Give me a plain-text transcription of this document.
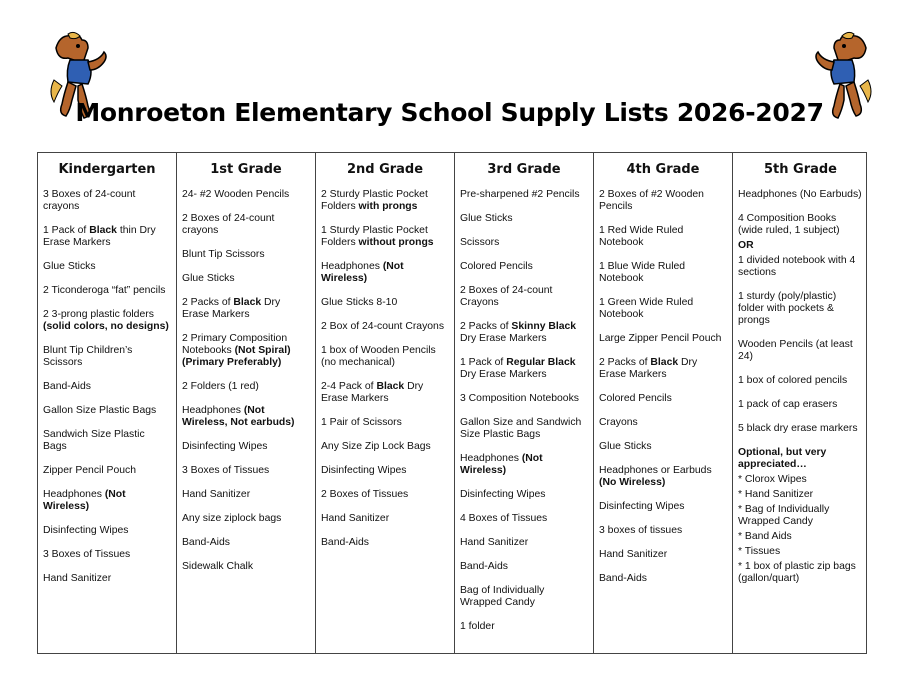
Monroeton Elementary School Supply Lists 2026-2027
Kindergarten
3 Boxes of 24-count crayons
1 Pack of Black thin Dry Erase Markers
Glue Sticks
2 Ticonderoga “fat” pencils
2 3-prong plastic folders (solid colors, no designs)
Blunt Tip Children’s Scissors
Band-Aids
Gallon Size Plastic Bags
Sandwich Size Plastic Bags
Zipper Pencil Pouch
Headphones (Not Wireless)
Disinfecting Wipes
3 Boxes of Tissues
Hand Sanitizer
1st Grade
24- #2 Wooden Pencils
2 Boxes of 24-count crayons
Blunt Tip Scissors
Glue Sticks
2 Packs of Black Dry Erase Markers
2 Primary Composition Notebooks (Not Spiral) (Primary Preferably)
2 Folders (1 red)
Headphones (Not Wireless, Not earbuds)
Disinfecting Wipes
3 Boxes of Tissues
Hand Sanitizer
Any size ziplock bags
Band-Aids
Sidewalk Chalk
2nd Grade
2 Sturdy Plastic Pocket Folders with prongs
1 Sturdy Plastic Pocket Folders without prongs
Headphones (Not Wireless)
Glue Sticks 8-10
2 Box of 24-count Crayons
1 box of Wooden Pencils (no mechanical)
2-4 Pack of Black Dry Erase Markers
1 Pair of Scissors
Any Size Zip Lock Bags
Disinfecting Wipes
2 Boxes of Tissues
Hand Sanitizer
Band-Aids
3rd Grade
Pre-sharpened #2 Pencils
Glue Sticks
Scissors
Colored Pencils
2 Boxes of 24-count Crayons
2 Packs of Skinny Black Dry Erase Markers
1 Pack of Regular Black Dry Erase Markers
3 Composition Notebooks
Gallon Size and Sandwich Size Plastic Bags
Headphones (Not Wireless)
Disinfecting Wipes
4 Boxes of Tissues
Hand Sanitizer
Band-Aids
Bag of Individually Wrapped Candy
1 folder
4th Grade
2 Boxes of #2 Wooden Pencils
1 Red Wide Ruled Notebook
1 Blue Wide Ruled Notebook
1 Green Wide Ruled Notebook
Large Zipper Pencil Pouch
2 Packs of Black Dry Erase Markers
Colored Pencils
Crayons
Glue Sticks
Headphones or Earbuds (No Wireless)
Disinfecting Wipes
3 boxes of tissues
Hand Sanitizer
Band-Aids
5th Grade
Headphones (No Earbuds)
4 Composition Books (wide ruled, 1 subject)
OR
1 divided notebook with 4 sections
1 sturdy (poly/plastic) folder with pockets & prongs
Wooden Pencils (at least 24)
1 box of colored pencils
1 pack of cap erasers
5 black dry erase markers
Optional, but very appreciated…
* Clorox Wipes
* Hand Sanitizer
* Bag of Individually Wrapped Candy
* Band Aids
* Tissues
* 1 box of plastic zip bags (gallon/quart)
